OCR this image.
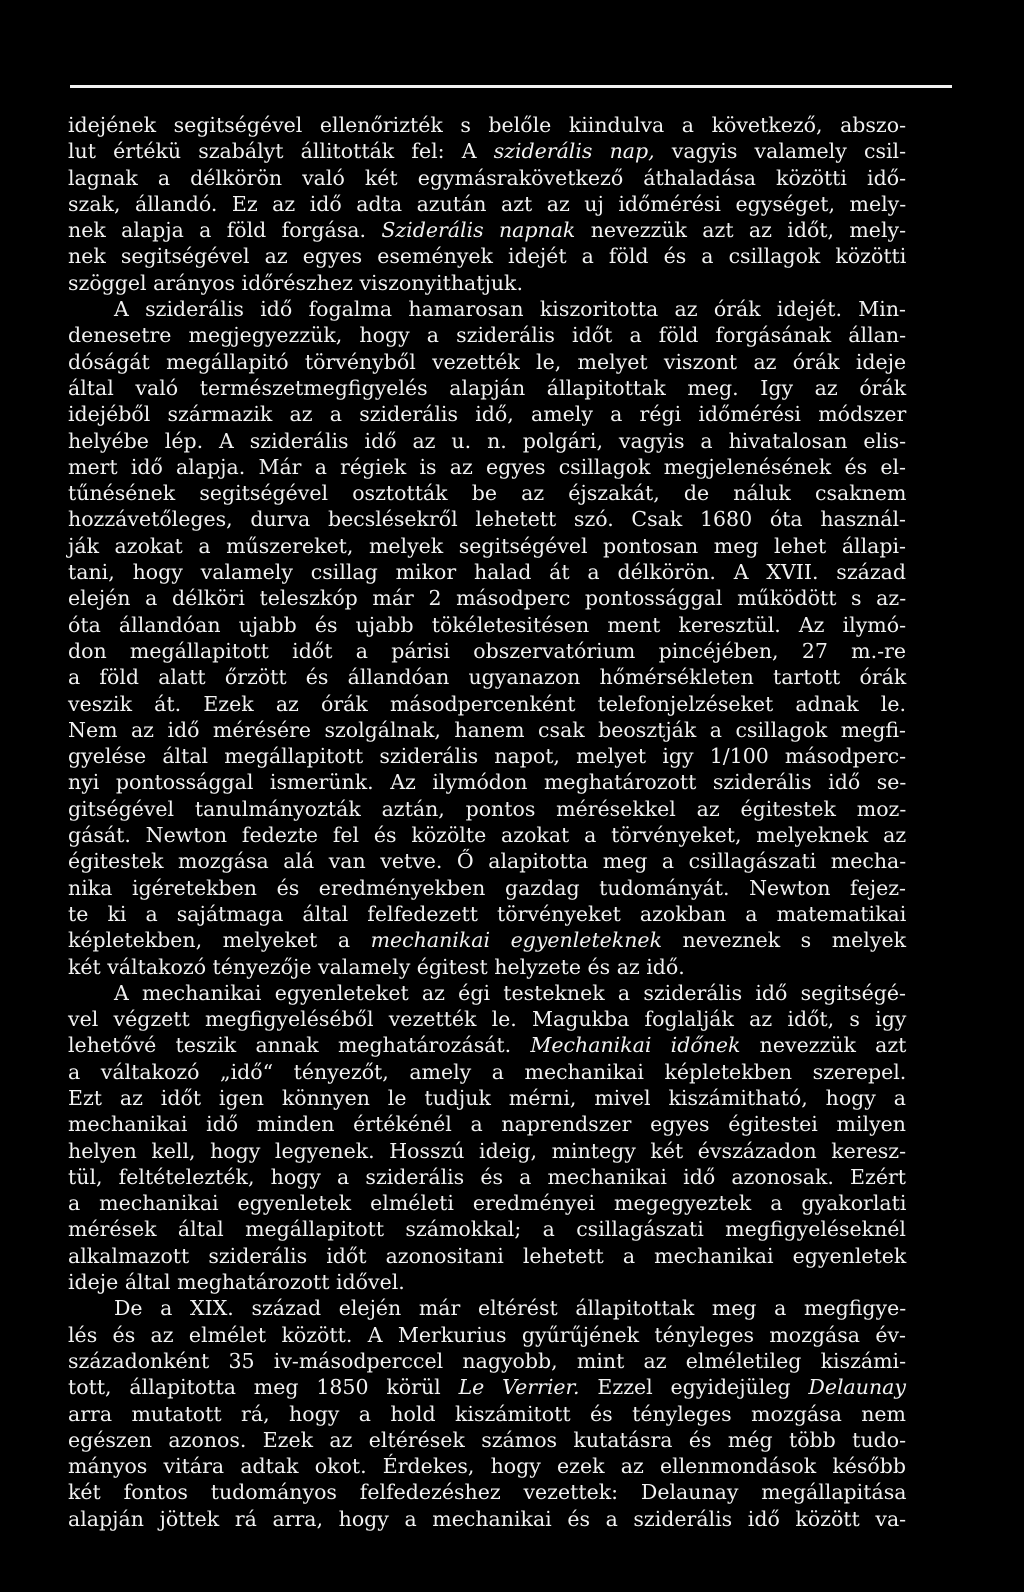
idejének segitségével ellenőrizték s belőle kiindulva a következő, abszo-
lut értékü szabályt állitották fel: A sziderális nap, vagyis valamely csil-
lagnak a délkörön való két egymásrakövetkező áthaladása közötti idő-
szak, állandó. Ez az idő adta azután azt az uj időmérési egységet, mely-
nek alapja a föld forgása. Sziderális napnak nevezzük azt az időt, mely-
nek segitségével az egyes események idejét a föld és a csillagok közötti
szöggel arányos időrészhez viszonyithatjuk.
A sziderális idő fogalma hamarosan kiszoritotta az órák idejét. Min-
denesetre megjegyezzük, hogy a sziderális időt a föld forgásának állan-
dóságát megállapitó törvényből vezették le, melyet viszont az órák ideje
által való természetmegfigyelés alapján állapitottak meg. Igy az órák
idejéből származik az a sziderális idő, amely a régi időmérési módszer
helyébe lép. A sziderális idő az u. n. polgári, vagyis a hivatalosan elis-
mert idő alapja. Már a régiek is az egyes csillagok megjelenésének és el-
tűnésének segitségével osztották be az éjszakát, de náluk csaknem
hozzávetőleges, durva becslésekről lehetett szó. Csak 1680 óta használ-
ják azokat a műszereket, melyek segitségével pontosan meg lehet állapi-
tani, hogy valamely csillag mikor halad át a délkörön. A XVII. század
elején a délköri teleszkóp már 2 másodperc pontossággal működött s az-
óta állandóan ujabb és ujabb tökéletesitésen ment keresztül. Az ilymó-
don megállapitott időt a párisi obszervatórium pincéjében, 27 m.-re
a föld alatt őrzött és állandóan ugyanazon hőmérsékleten tartott órák
veszik át. Ezek az órák másodpercenként telefonjelzéseket adnak le.
Nem az idő mérésére szolgálnak, hanem csak beosztják a csillagok megfi-
gyelése által megállapitott sziderális napot, melyet igy 1/100 másodperc-
nyi pontossággal ismerünk. Az ilymódon meghatározott sziderális idő se-
gitségével tanulmányozták aztán, pontos mérésekkel az égitestek moz-
gását. Newton fedezte fel és közölte azokat a törvényeket, melyeknek az
égitestek mozgása alá van vetve. Ő alapitotta meg a csillagászati mecha-
nika igéretekben és eredményekben gazdag tudományát. Newton fejez-
te ki a sajátmaga által felfedezett törvényeket azokban a matematikai
képletekben, melyeket a mechanikai egyenleteknek neveznek s melyek
két váltakozó tényezője valamely égitest helyzete és az idő.
A mechanikai egyenleteket az égi testeknek a sziderális idő segitségé-
vel végzett megfigyeléséből vezették le. Magukba foglalják az időt, s igy
lehetővé teszik annak meghatározását. Mechanikai időnek nevezzük azt
a váltakozó „idő“ tényezőt, amely a mechanikai képletekben szerepel.
Ezt az időt igen könnyen le tudjuk mérni, mivel kiszámitható, hogy a
mechanikai idő minden értékénél a naprendszer egyes égitestei milyen
helyen kell, hogy legyenek. Hosszú ideig, mintegy két évszázadon keresz-
tül, feltételezték, hogy a sziderális és a mechanikai idő azonosak. Ezért
a mechanikai egyenletek elméleti eredményei megegyeztek a gyakorlati
mérések által megállapitott számokkal; a csillagászati megfigyeléseknél
alkalmazott sziderális időt azonositani lehetett a mechanikai egyenletek
ideje által meghatározott idővel.
De a XIX. század elején már eltérést állapitottak meg a megfigye-
lés és az elmélet között. A Merkurius gyűrűjének tényleges mozgása év-
századonként 35 iv-másodperccel nagyobb, mint az elméletileg kiszámi-
tott, állapitotta meg 1850 körül Le Verrier. Ezzel egyidejüleg Delaunay
arra mutatott rá, hogy a hold kiszámitott és tényleges mozgása nem
egészen azonos. Ezek az eltérések számos kutatásra és még több tudo-
mányos vitára adtak okot. Érdekes, hogy ezek az ellenmondások később
két fontos tudományos felfedezéshez vezettek: Delaunay megállapitása
alapján jöttek rá arra, hogy a mechanikai és a sziderális idő között va-
